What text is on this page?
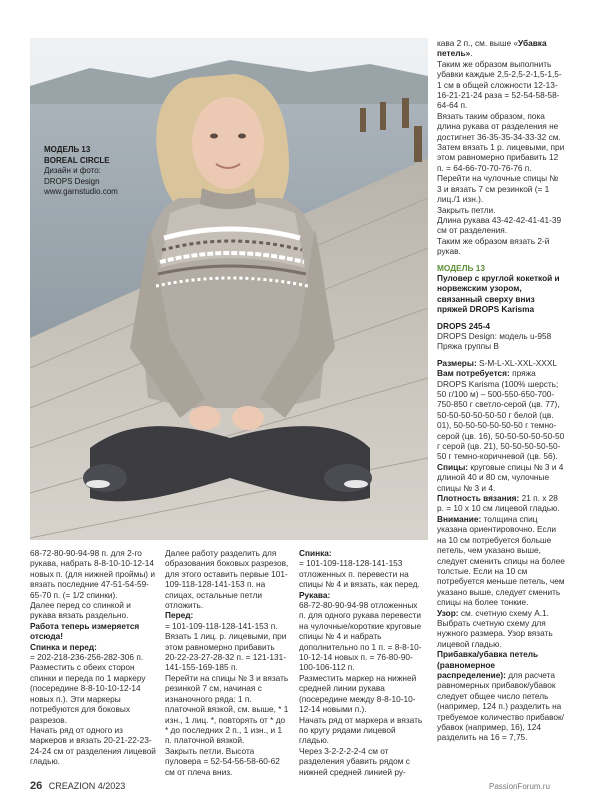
МОДЕЛЬ 13
BOREAL CIRCLE
Дизайн и фото:
DROPS Design
www.garnstudio.com

кава 2 п., см. выше «Убавка петель».

Таким же образом выполнить убавки каждые 2,5-2,5-2-1,5-1,5-1 см в общей сложности 12-13-16-21-21-24 раза = 52-54-58-58-64-64 п.

Вязать таким образом, пока длина рукава от разделения не достигнет 36-35-35-34-33-32 см.

Затем вязать 1 р. лицевыми, при этом равномерно прибавить 12 п. = 64-66-70-70-76-76 п.

Перейти на чулочные спицы № 3 и вязать 7 см резинкой (= 1 лиц./1 изн.).

Закрыть петли.

Длина рукава 43-42-42-41-41-39 см от разделения.

Таким же образом вязать 2-й рукав.

МОДЕЛЬ 13

Пуловер с круглой кокеткой и норвежским узором, связанный сверху вниз пряжей DROPS Karisma

DROPS 245-4

DROPS Design: модель u-958

Пряжа группы B

Размеры: S-M-L-XL-XXL-XXXL

Вам потребуется: пряжа DROPS Karisma (100% шерсть; 50 г/100 м) – 500-550-650-700-750-850 г светло-серой (цв. 77), 50-50-50-50-50-50 г белой (цв. 01), 50-50-50-50-50-50 г темно-серой (цв. 16), 50-50-50-50-50-50 г серой (цв. 21), 50-50-50-50-50-50 г темно-коричневой (цв. 56).

Спицы: круговые спицы № 3 и 4 длиной 40 и 80 см, чулочные спицы № 3 и 4.

Плотность вязания: 21 п. х 28 р. = 10 х 10 см лицевой гладью.

Внимание: толщина спиц указана ориентировочно. Если на 10 см потребуется больше петель, чем указано выше, следует сменить спицы на более толстые. Если на 10 см потребуется меньше петель, чем указано выше, следует сменить спицы на более тонкие.

Узор: см. счетную схему A.1. Выбрать счетную схему для нужного размера. Узор вязать лицевой гладью.

Прибавка/убавка петель (равномерное распределение): для расчета равномерных прибавок/убавок следует общее число петель (например, 124 п.) разделить на требуемое количество прибавок/убавок (например, 16), 124 разделить на 16 = 7,75.

68-72-80-90-94-98 п. для 2-го рукава, набрать 8-8-10-10-12-14 новых п. (для нижней проймы) и вязать последние 47-51-54-59-65-70 п. (= 1/2 спинки).

Далее перед со спинкой и рукава вязать раздельно.

Работа теперь измеряется отсюда!

Спинка и перед:

= 202-218-236-256-282-306 п. Разместить с обеих сторон спинки и переда по 1 маркеру (посередине 8-8-10-10-12-14 новых п.). Эти маркеры потребуются для боковых разрезов.

Начать ряд от одного из маркеров и вязать 20-21-22-23-24-24 см от разделения лицевой гладью.

Далее работу разделить для образования боковых разрезов, для этого оставить первые 101-109-118-128-141-153 п. на спицах, остальные петли отложить.

Перед:

= 101-109-118-128-141-153 п.

Вязать 1 лиц. р. лицевыми, при этом равномерно прибавить 20-22-23-27-28-32 п. = 121-131-141-155-169-185 п.

Перейти на спицы № 3 и вязать резинкой 7 см, начиная с изнаночного ряда: 1 п. платочной вязкой, см. выше, * 1 изн., 1 лиц. *, повторять от * до * до последних 2 п., 1 изн., и 1 п. платочной вязкой.

Закрыть петли. Высота пуловера = 52-54-56-58-60-62 см от плеча вниз.

Спинка:

= 101-109-118-128-141-153 отложенных п. перевести на спицы № 4 и вязать, как перед.

Рукава:

68-72-80-90-94-98 отложенных п. для одного рукава перевести на чулочные/короткие круговые спицы № 4 и набрать дополнительно по 1 п. = 8-8-10-10-12-14 новых п. = 76-80-90-100-106-112 п.

Разместить маркер на нижней средней линии рукава (посередине между 8-8-10-10-12-14 новыми п.).

Начать ряд от маркера и вязать по кругу рядами лицевой гладью.

Через 3-2-2-2-2-4 см от разделения убавить рядом с нижней средней линией ру-

26 CREAZION 4/2023	PassionForum.ru
